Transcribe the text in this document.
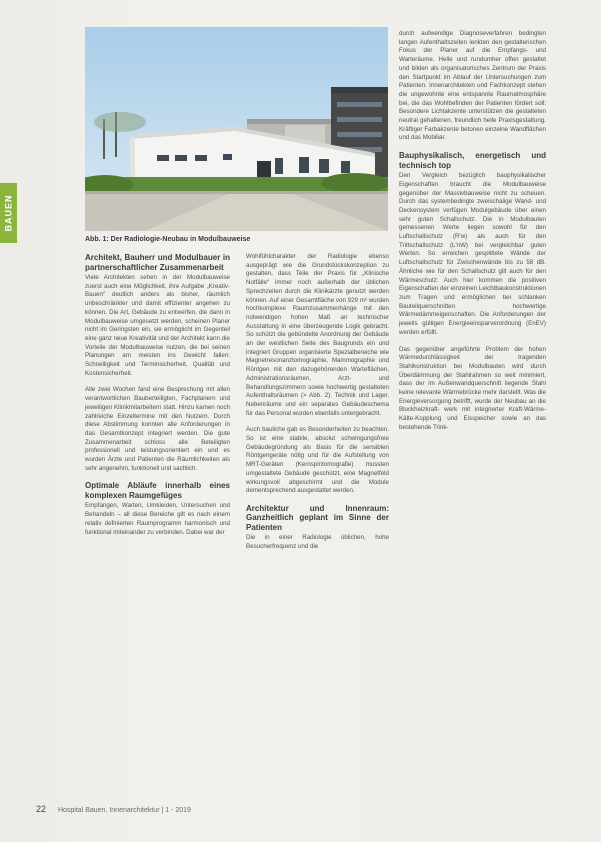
BAUEN
Abb. 1: Der Radiologie-Neubau in Modulbauweise
Architekt, Bauherr und Modulbauer in partnerschaftlicher Zusammenarbeit

Viele Architekten sehen in der Modulbauweise zuerst auch eine Möglichkeit, ihre Aufgabe „Kreativ-Bauen“ deutlich anders als bisher, räumlich unbeschränkter und damit effizienter angehen zu können. Die Art, Gebäude zu entwerfen, die dann in Modulbauweise umgesetzt werden, scheinen Planer nicht im Geringsten ein, sie ermöglicht im Gegenteil eine ganz neue Kreativität und der Architekt kann die Vorteile der Modulbauweise nutzen, die bei seinen Planungen am meisten ins Gewicht fallen: Schnelligkeit und Terminsicherheit, Qualität und Kostensicherheit.

Alle zwei Wochen fand eine Besprechung mit allen verantwortlichen Bauberteiligten, Fachplanern und jeweiligen Klinikmitarbeitern statt. Hinzu kamen noch zahlreiche Einzeltermine mit den Nutzern. Durch diese Abstimmung konnten alle Anforderungen in das Gesamtkonzept integriert werden. Die gute Zusammenarbeit schloss alle Beteiligten professionell und leistungsorientiert ein und es wurden Ärzte und Patienten die Räumlichkeiten als sehr angenehm, funktionell und sachlich.

Optimale Abläufe innerhalb eines komplexen Raumgefüges

Empfangen, Warten, Umkleiden, Untersuchen und Behandeln – all diese Bereiche gilt es nach einem relativ definierten Raumprogramm harmonisch und funktional miteinander zu verbinden. Dabei war der

Wohlfühlcharakter der Radiologie ebenso ausgeprägt wie die Grundstückskonzeption zu gestalten, dass Teile der Praxis für „Klinische Notfälle“ immer noch außerhalb der üblichen Sprechzeiten durch die Klinikärzte genutzt werden können. Auf einer Gesamtfläche von 929 m² wurden hochkomplexe Raumzusammenhänge mit den notwendigen hohen Maß an technischer Ausstattung in eine überzeugende Logik gebracht. So schützt die gebündelte Anordnung der Gebäude an der westlichen Seite des Baugrunds ein und integriert Gruppen organisierte Spezialbereiche wie Magnetresonanztomographie, Mammographie und Röntgen mit den dazugehörenden Warteflächen, Administrationsräumen, Arzt- und Behandlungszimmern sowie hochwertig gestalteten Aufenthaltsräumen (> Abb. 2). Technik und Lager, Nebenräume und ein separates Gebäudeschema für das Personal wurden ebenfalls untergebracht.

Auch bauliche gab es Besonderheiten zu beachten. So ist eine stabile, absolut schwingungsfreie Gebäudegründung als Basis für die sensiblen Röntgengeräte nötig und für die Aufstellung von MRT-Geräten (Kernspintomografie) mussten umgestaltete Gebäude geschützt, eine Magnetfeld wirkungsvoll abgeschirmt und die Module dementsprechend ausgestattet werden.

Architektur und Innenraum: Ganzheitlich geplant im Sinne der Patienten

Die in einer Radiologie üblichen, hohe Besucherfrequenz und die

durch aufwendige Diagnoseverfahren bedingten langen Aufenthaltszeiten lenkten den gestalterischen Fokus der Planer auf die Empfangs- und Warteräume. Helle und rundumher offen gestaltet und bilden als organisatorisches Zentrum der Praxis den Startpunkt im Ablauf der Untersuchungen zum Patienten. Innenarchitekten und Fachkonzept stehen die ungewohnte eine entspannte Raumatmosphäre bei, die das Wohlbefinden der Patienten fördert soll: Besondere Lichtakzente unterstützen die gestalteten neutral gehaltenen, freundlich helle Praxisgestaltung. Kräftiger Farbakzente betonen einzelne Wandflächen und das Mobiliar.

Bauphysikalisch, energetisch und technisch top

Den Vergleich bezüglich bauphysikalischer Eigenschaften braucht die Modulbauweise gegenüber der Massivbauweise nicht zu scheuen. Durch das systembedingte zweischalige Wand- und Deckensystem verfügen Modulgebäude über einen sehr guten Schallschutz. Die in Modulbauten gemessenen Werte liegen sowohl für den Luftschallschutz (R'w) als auch für den Trittschallschutz (L'nW) bei vergleichbar guten Werten. So erreichen gesplittete Wände der Luftschallschutz für Zwischenwände bis zu 58 dB. Ähnliche wie für den Schallschutz gilt auch für den Wärmeschutz: Auch hier kommen die positiven Eigenschaften der einzelnen Leichtbaukonstruktionen zum Tragen und ermöglichen bei schlanken Bauteilquerschnitten hochwertige Wärmedämmeigenschaften. Die Anforderungen der jeweils gültigen Energieeinsparverordnung (EnEV) werden erfüllt.

Das gegenüber angeführte Problem der hohen Wärmedurchlässigkeit der tragenden Stahlkonstruktion bei Modulbauten wird durch Überdämmung der Stahlrahmen so weit minimiert, dass der im Außenwandquerschnitt liegende Stahl keine relevante Wärmebrücke mehr darstellt. Was die Energieversorgung betrifft, wurde der Neubau an die Blockheizkraft- werk mit integrierter Kraft-Wärme-Kälte-Kopplung und Eisspeicher sowie an das bestehende Trink-

22 Hospital Bauen, Innenarchitektur | 1 - 2019
